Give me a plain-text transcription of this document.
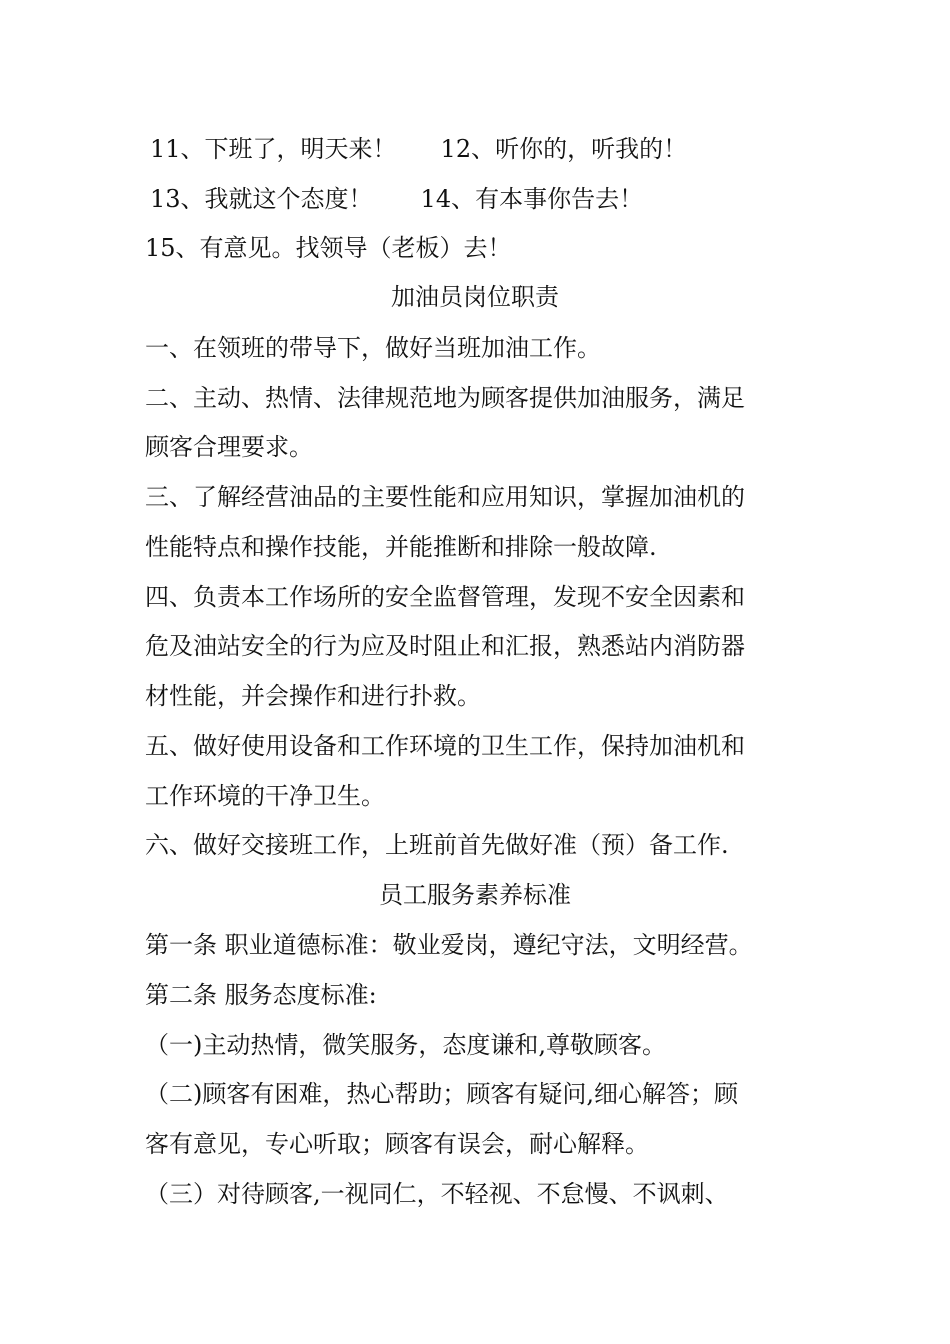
11、下班了，明天来！ 12、听你的，听我的！
13、我就这个态度！ 14、有本事你告去！
15、有意见。找领导（老板）去！
加油员岗位职责
一、在领班的带导下，做好当班加油工作。
二、主动、热情、法律规范地为顾客提供加油服务，满足
顾客合理要求。
三、了解经营油品的主要性能和应用知识，掌握加油机的
性能特点和操作技能，并能推断和排除一般故障.
四、负责本工作场所的安全监督管理，发现不安全因素和
危及油站安全的行为应及时阻止和汇报，熟悉站内消防器
材性能，并会操作和进行扑救。
五、做好使用设备和工作环境的卫生工作，保持加油机和
工作环境的干净卫生。
六、做好交接班工作，上班前首先做好准（预）备工作.
员工服务素养标准
第一条 职业道德标准：敬业爱岗，遵纪守法，文明经营。
第二条 服务态度标准:
（一)主动热情，微笑服务，态度谦和,尊敬顾客。
（二)顾客有困难，热心帮助；顾客有疑问,细心解答；顾
客有意见，专心听取；顾客有误会，耐心解释。
（三）对待顾客,一视同仁，不轻视、不怠慢、不讽刺、
